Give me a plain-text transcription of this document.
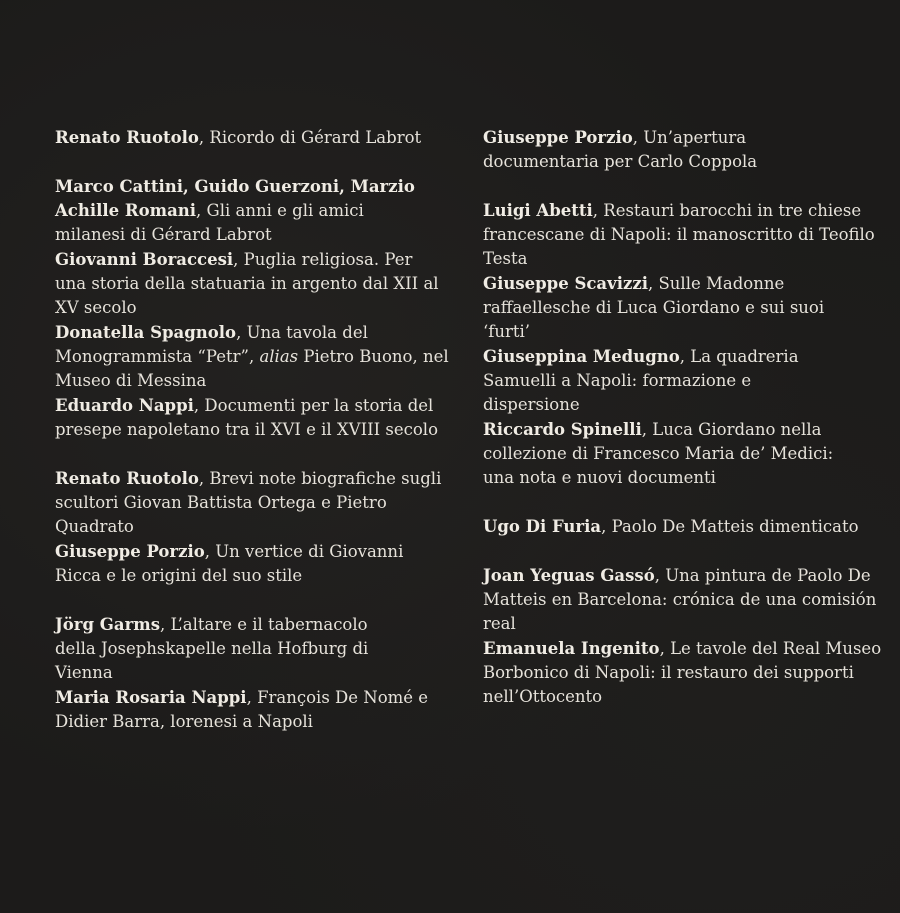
Renato Ruotolo, Ricordo di Gérard Labrot

Marco Cattini, Guido Guerzoni, Marzio Achille Romani, Gli anni e gli amici milanesi di Gérard Labrot

Giovanni Boraccesi, Puglia religiosa. Per una storia della statuaria in argento dal XII al XV secolo

Donatella Spagnolo, Una tavola del Monogrammista “Petr”, alias Pietro Buono, nel Museo di Messina

Eduardo Nappi, Documenti per la storia del presepe napoletano tra il XVI e il XVIII secolo

Renato Ruotolo, Brevi note biografiche sugli scultori Giovan Battista Ortega e Pietro Quadrato

Giuseppe Porzio, Un vertice di Giovanni Ricca e le origini del suo stile

Jörg Garms, L’altare e il tabernacolo della Josephskapelle nella Hofburg di Vienna

Maria Rosaria Nappi, François De Nomé e Didier Barra, lorenesi a Napoli

Giuseppe Porzio, Un’apertura documentaria per Carlo Coppola

Luigi Abetti, Restauri barocchi in tre chiese francescane di Napoli: il manoscritto di Teofilo Testa

Giuseppe Scavizzi, Sulle Madonne raffaellesche di Luca Giordano e sui suoi ‘furti’

Giuseppina Medugno, La quadreria Samuelli a Napoli: formazione e dispersione

Riccardo Spinelli, Luca Giordano nella collezione di Francesco Maria de’ Medici: una nota e nuovi documenti

Ugo Di Furia, Paolo De Matteis dimenticato

Joan Yeguas Gassó, Una pintura de Paolo De Matteis en Barcelona: crónica de una comisión real

Emanuela Ingenito, Le tavole del Real Museo Borbonico di Napoli: il restauro dei supporti nell’Ottocento
